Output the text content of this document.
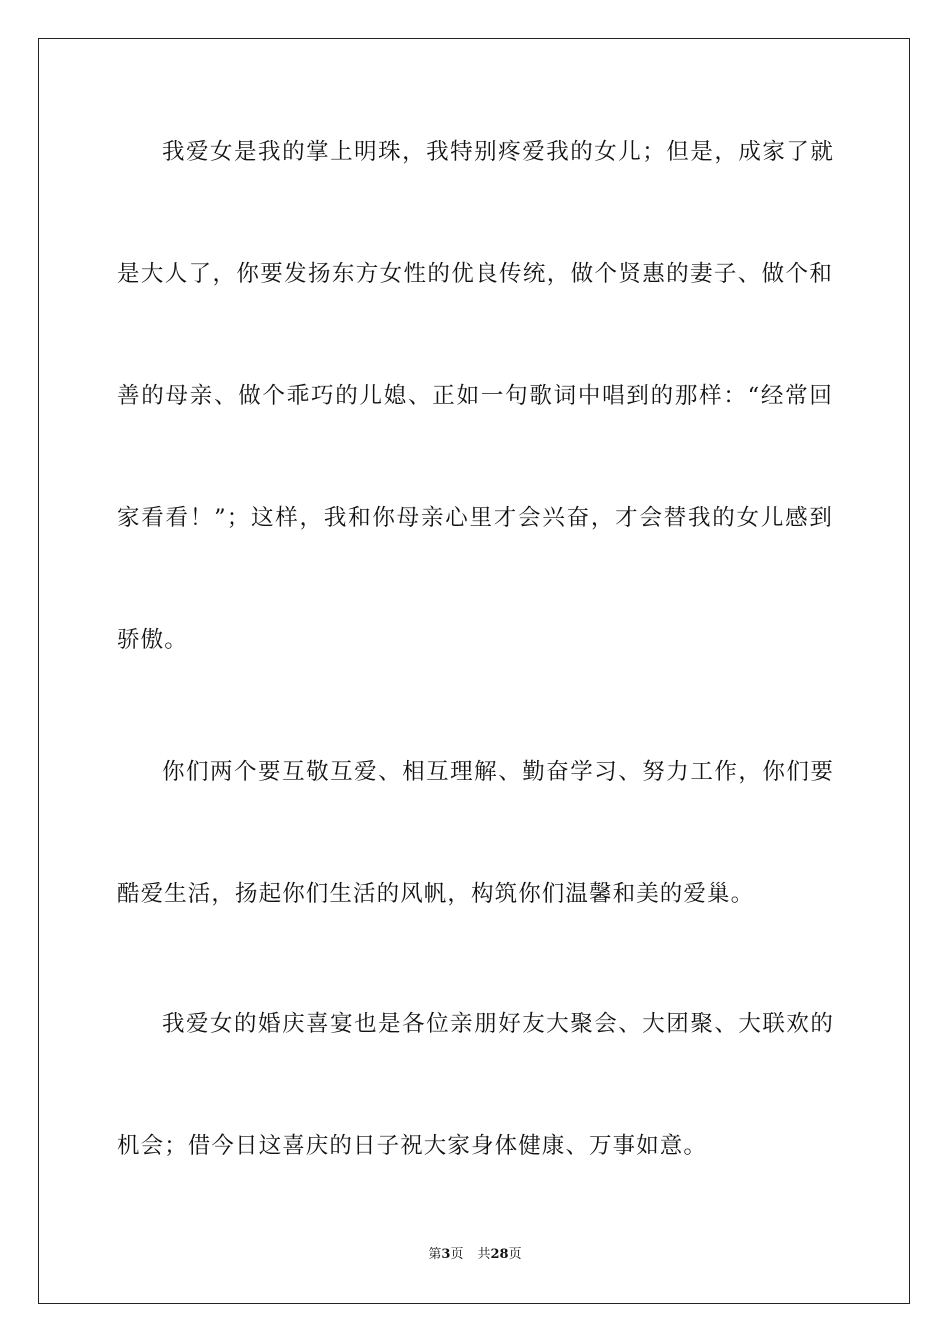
我爱女是我的掌上明珠，我特别疼爱我的女儿；但是，成家了就
是大人了，你要发扬东方女性的优良传统，做个贤惠的妻子、做个和
善的母亲、做个乖巧的儿媳、正如一句歌词中唱到的那样：“经常回
家看看！”；这样，我和你母亲心里才会兴奋，才会替我的女儿感到
骄傲。
你们两个要互敬互爱、相互理解、勤奋学习、努力工作，你们要
酷爱生活，扬起你们生活的风帆，构筑你们温馨和美的爱巢。
我爱女的婚庆喜宴也是各位亲朋好友大聚会、大团聚、大联欢的
机会；借今日这喜庆的日子祝大家身体健康、万事如意。
第3页 共28页
